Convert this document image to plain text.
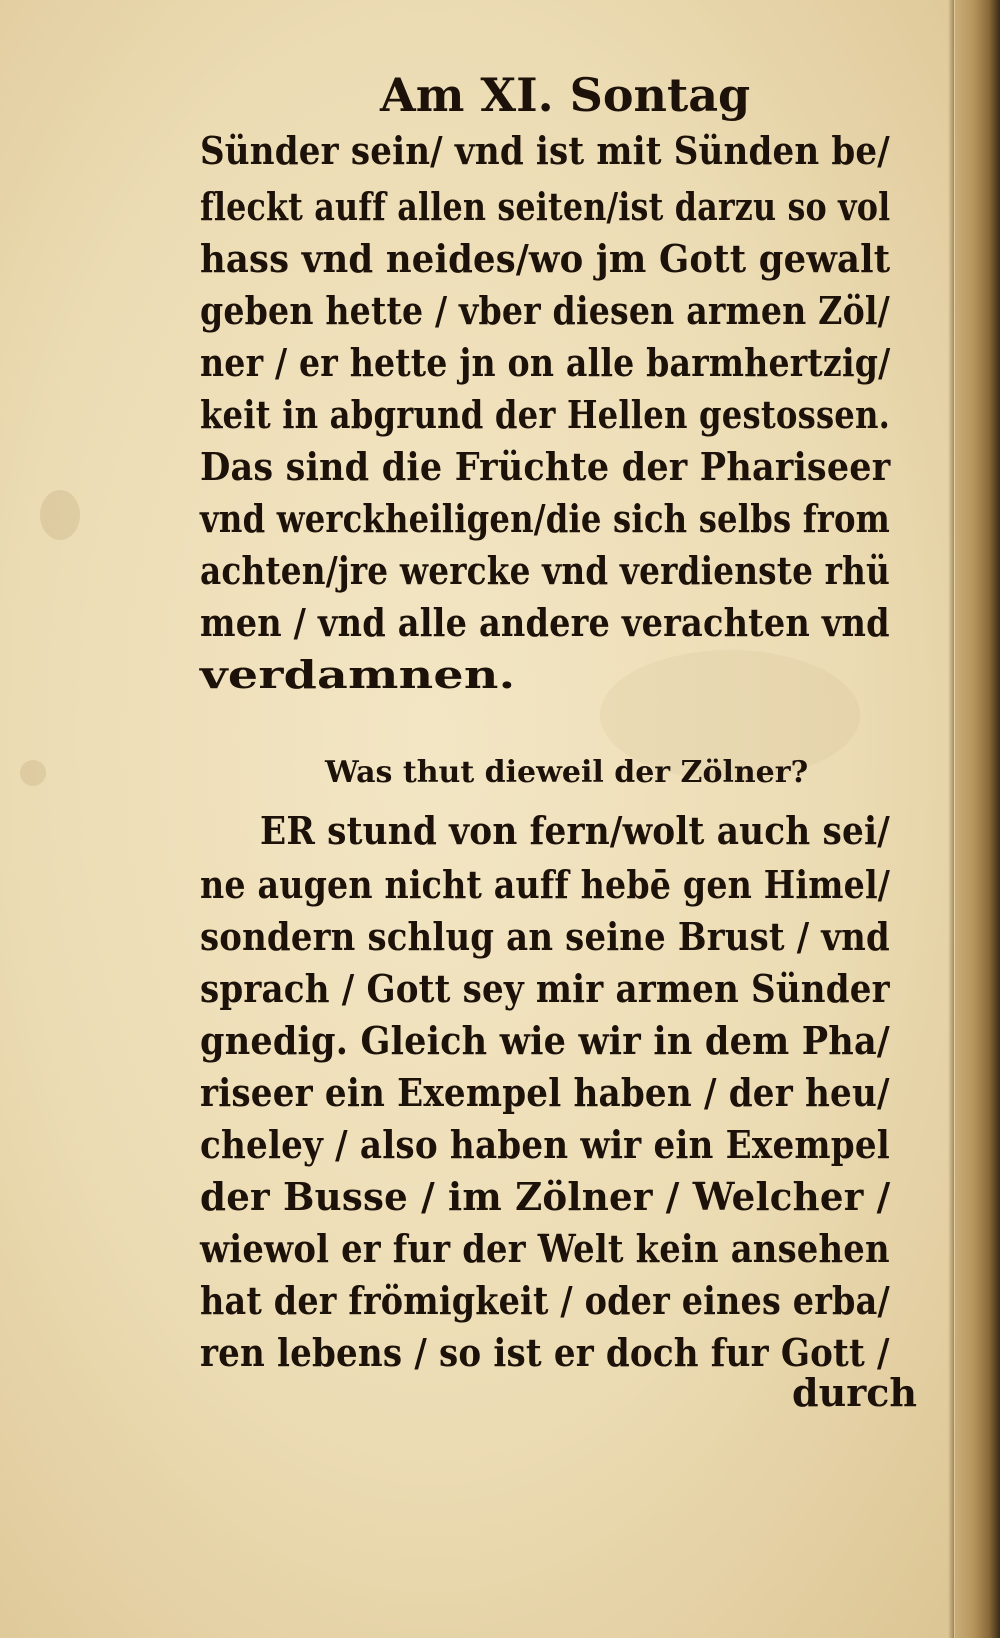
Am XI. Sontag
Sünder sein/ vnd ist mit Sünden be/
fleckt auff allen seiten/ist darzu so vol
hass vnd neides/wo jm Gott gewalt
geben hette / vber diesen armen Zöl/
ner / er hette jn on alle barmhertzig/
keit in abgrund der Hellen gestossen.
Das sind die Früchte der Phariseer
vnd werckheiligen/die sich selbs from
achten/jre wercke vnd verdienste rhü
men / vnd alle andere verachten vnd
verdamnen.
Was thut dieweil der Zölner?
ER stund von fern/wolt auch sei/
ne augen nicht auff hebē gen Himel/
sondern schlug an seine Brust / vnd
sprach / Gott sey mir armen Sünder
gnedig. Gleich wie wir in dem Pha/
riseer ein Exempel haben / der heu/
cheley / also haben wir ein Exempel
der Busse / im Zölner / Welcher /
wiewol er fur der Welt kein ansehen
hat der frömigkeit / oder eines erba/
ren lebens / so ist er doch fur Gott /
durch
